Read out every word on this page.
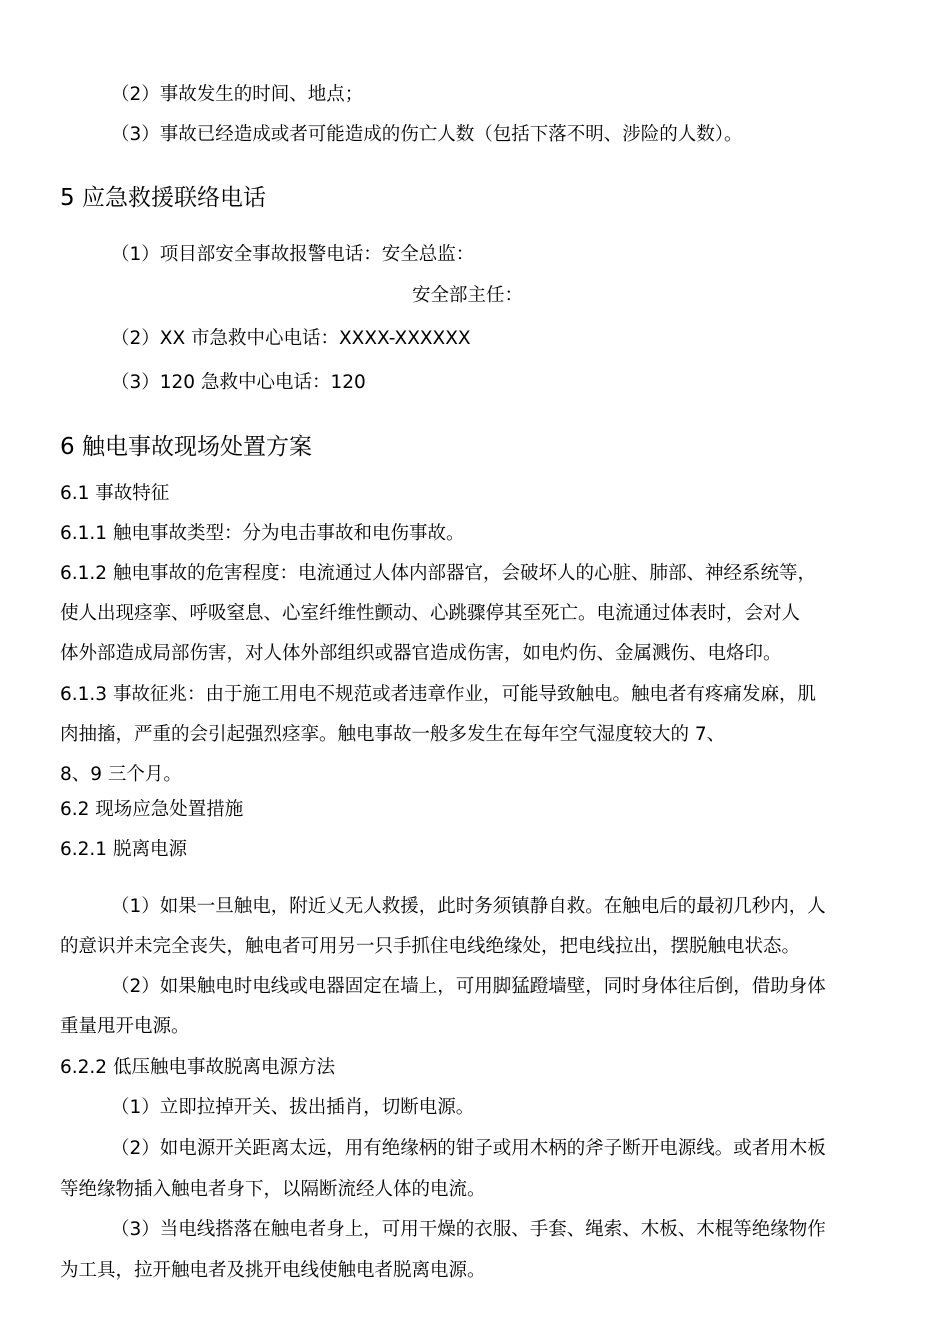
（2）事故发生的时间、地点；
（3）事故已经造成或者可能造成的伤亡人数（包括下落不明、涉险的人数）。
5 应急救援联络电话
（1）项目部安全事故报警电话：安全总监：
安全部主任：
（2）XX 市急救中心电话：XXXX-XXXXXX
（3）120 急救中心电话：120
6 触电事故现场处置方案
6.1 事故特征
6.1.1 触电事故类型：分为电击事故和电伤事故。
6.1.2 触电事故的危害程度：电流通过人体内部器官，会破坏人的心脏、肺部、神经系统等，
使人出现痉挛、呼吸窒息、心室纤维性颤动、心跳骤停其至死亡。电流通过体表时，会对人
体外部造成局部伤害，对人体外部组织或器官造成伤害，如电灼伤、金属溅伤、电烙印。
6.1.3 事故征兆：由于施工用电不规范或者违章作业，可能导致触电。触电者有疼痛发麻，肌
肉抽搐，严重的会引起强烈痉挛。触电事故一般多发生在每年空气湿度较大的 7、
8、9 三个月。
6.2 现场应急处置措施
6.2.1 脱离电源
（1）如果一旦触电，附近乂无人救援，此时务须镇静自救。在触电后的最初几秒内，人
的意识并未完全丧失，触电者可用另一只手抓住电线绝缘处，把电线拉出，摆脱触电状态。
（2）如果触电时电线或电器固定在墙上，可用脚猛蹬墙壁，同时身体往后倒，借助身体
重量甩开电源。
6.2.2 低压触电事故脱离电源方法
（1）立即拉掉开关、拔出插肖，切断电源。
（2）如电源开关距离太远，用有绝缘柄的钳子或用木柄的斧子断开电源线。或者用木板
等绝缘物插入触电者身下，以隔断流经人体的电流。
（3）当电线搭落在触电者身上，可用干燥的衣服、手套、绳索、木板、木棍等绝缘物作
为工具，拉开触电者及挑开电线使触电者脱离电源。
